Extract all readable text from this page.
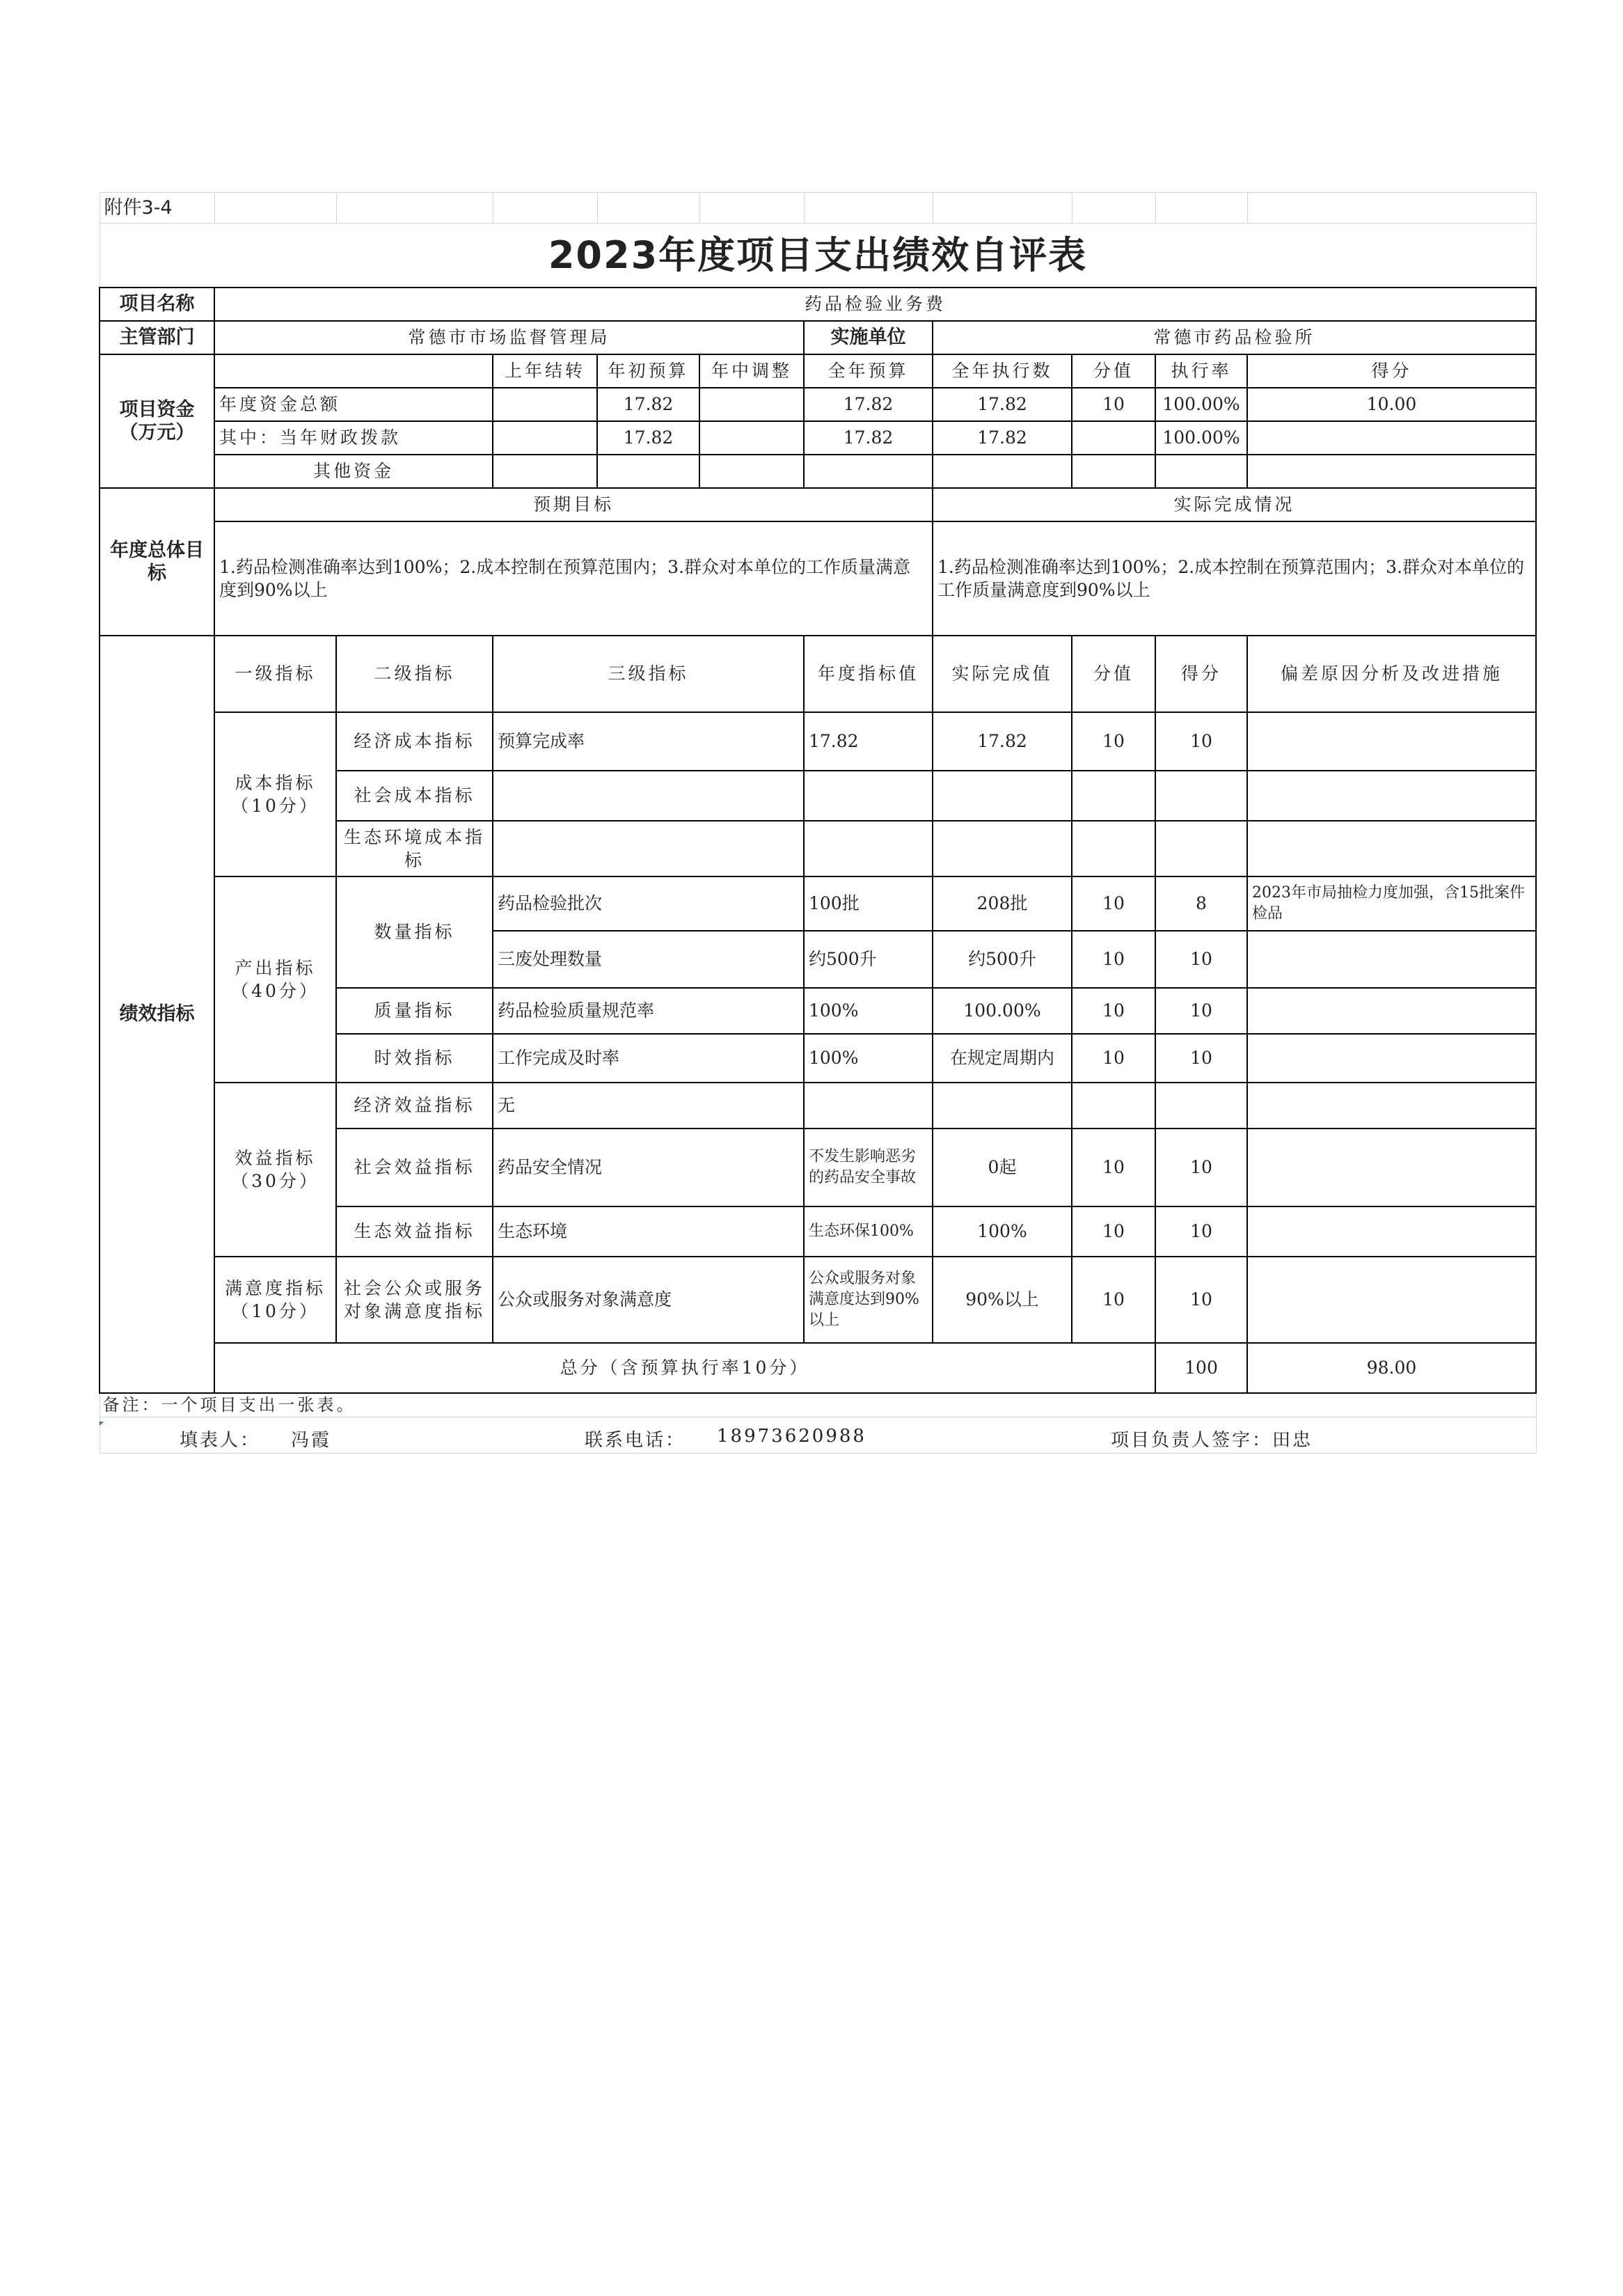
附件3-4											
2023年度项目支出绩效自评表											
项目名称	药品检验业务费										
主管部门	常德市市场监督管理局					实施单位	常德市药品检验所				
项目资金（万元）			上年结转	年初预算	年中调整	全年预算	全年执行数	分值	执行率	得分	
	年度资金总额			17.82		17.82	17.82	10	100.00%	10.00	
	其中：当年财政拨款			17.82		17.82	17.82		100.00%		
	其他资金										
年度总体目标	预期目标						实际完成情况				
	1.药品检测准确率达到100%；2.成本控制在预算范围内；3.群众对本单位的工作质量满意度到90%以上						1.药品检测准确率达到100%；2.成本控制在预算范围内；3.群众对本单位的工作质量满意度到90%以上				
绩效指标	一级指标	二级指标	三级指标			年度指标值	实际完成值	分值	得分	偏差原因分析及改进措施	
	成本指标（10分）	经济成本指标	预算完成率			17.82	17.82	10	10		
		社会成本指标									
		生态环境成本指标									
	产出指标（40分）	数量指标	药品检验批次			100批	208批	10	8	2023年市局抽检力度加强，含15批案件检品	
			三废处理数量			约500升	约500升	10	10		
		质量指标	药品检验质量规范率			100%	100.00%	10	10		
		时效指标	工作完成及时率			100%	在规定周期内	10	10		
	效益指标（30分）	经济效益指标	无								
		社会效益指标	药品安全情况			不发生影响恶劣的药品安全事故	0起	10	10		
		生态效益指标	生态环境			生态环保100%	100%	10	10		
	满意度指标（10分）	社会公众或服务对象满意度指标	公众或服务对象满意度			公众或服务对象满意度达到90%以上	90%以上	10	10		
	总分（含预算执行率10分）								100	98.00	
备注：一个项目支出一张表。											

填表人： 冯霞	联系电话： 18973620988	项目负责人签字：田忠
